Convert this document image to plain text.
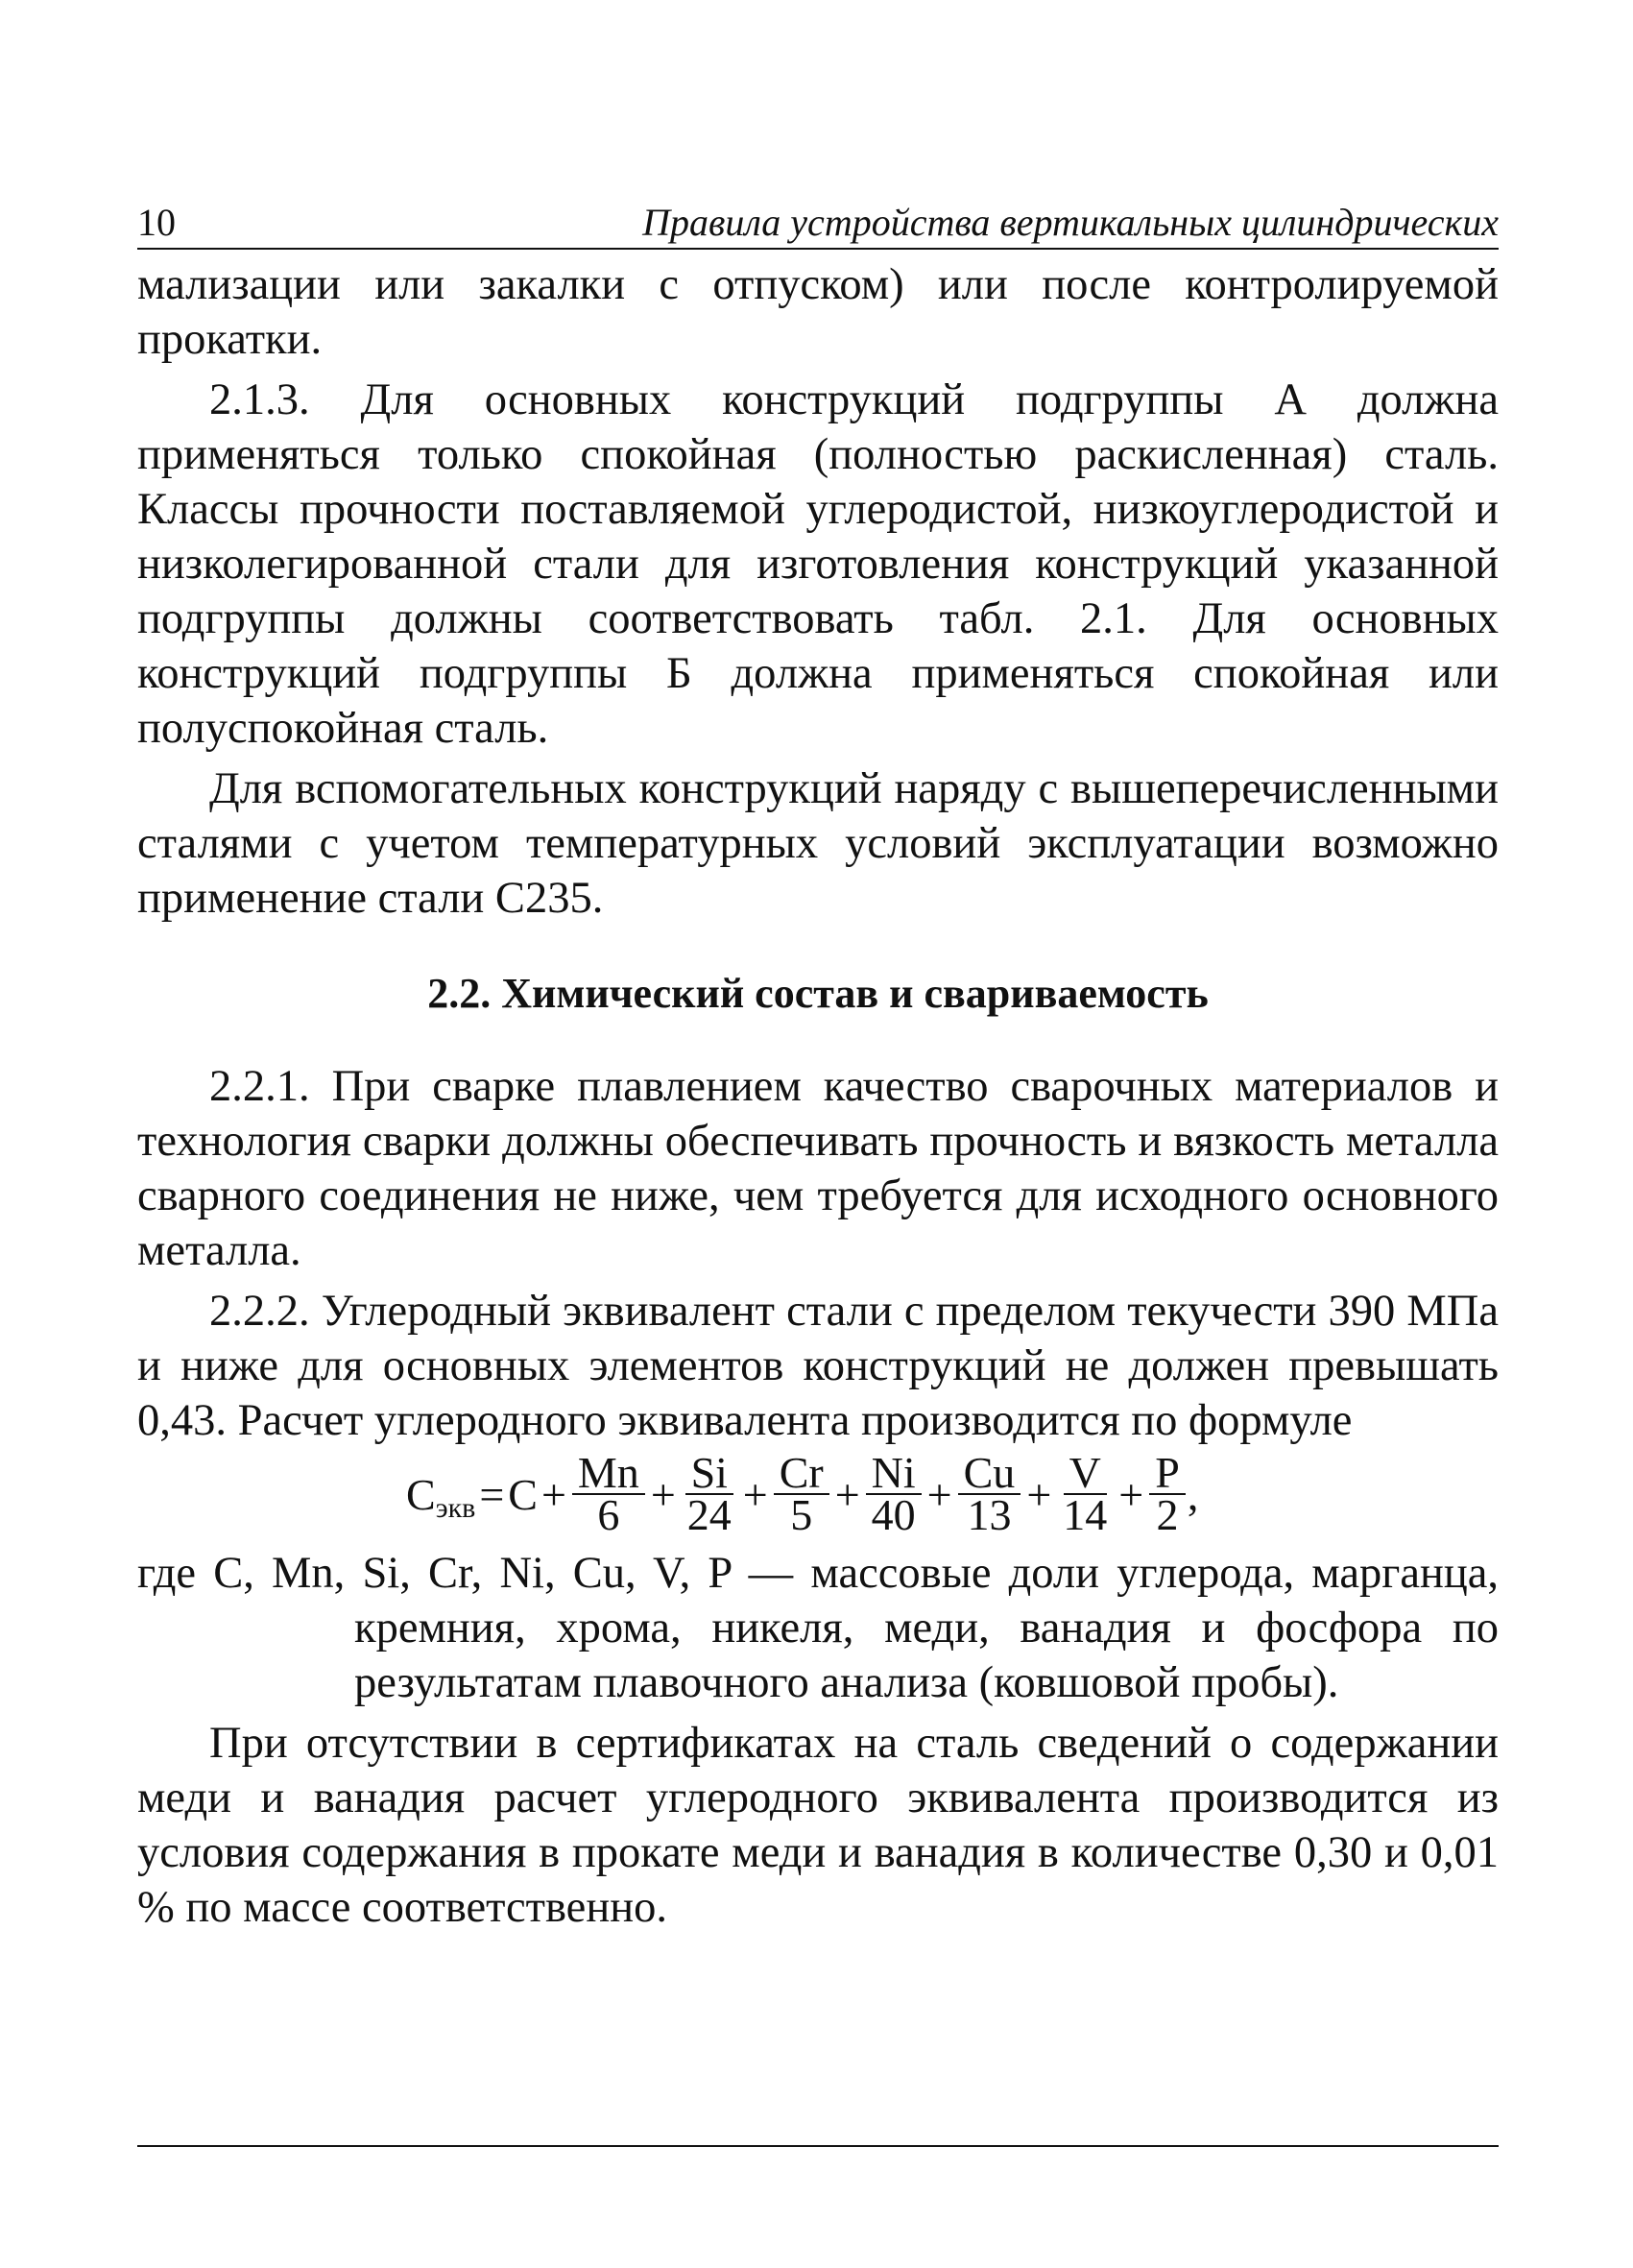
10	Правила устройства вертикальных цилиндрических

мализации или закалки с отпуском) или после контролируемой прокатки.

2.1.3. Для основных конструкций подгруппы А должна применяться только спокойная (полностью раскисленная) сталь. Классы прочности поставляемой углеродистой, низкоуглеродистой и низколегированной стали для изготовления конструкций указанной подгруппы должны соответствовать табл. 2.1. Для основных конструкций подгруппы Б должна применяться спокойная или полуспокойная сталь.

Для вспомогательных конструкций наряду с вышеперечисленными сталями с учетом температурных условий эксплуатации возможно применение стали С235.

2.2. Химический состав и свариваемость

2.2.1. При сварке плавлением качество сварочных материалов и технология сварки должны обеспечивать прочность и вязкость металла сварного соединения не ниже, чем требуется для исходного основного металла.

2.2.2. Углеродный эквивалент стали с пределом текучести 390 МПа и ниже для основных элементов конструкций не должен превышать 0,43. Расчет углеродного эквивалента производится по формуле

C экв = $C + \frac{Mn}{6} + \frac{Si}{24} + \frac{Cr}{5} + \frac{Ni}{40} + \frac{Cu}{13} + \frac{V}{14} + \frac{P}{2}$ ,

где C, Mn, Si, Cr, Ni, Cu, V, P — массовые доли углерода, марганца, кремния, хрома, никеля, меди, ванадия и фосфора по результатам плавочного анализа (ковшовой пробы).

При отсутствии в сертификатах на сталь сведений о содержании меди и ванадия расчет углеродного эквивалента производится из условия содержания в прокате меди и ванадия в количестве 0,30 и 0,01 % по массе соответственно.
